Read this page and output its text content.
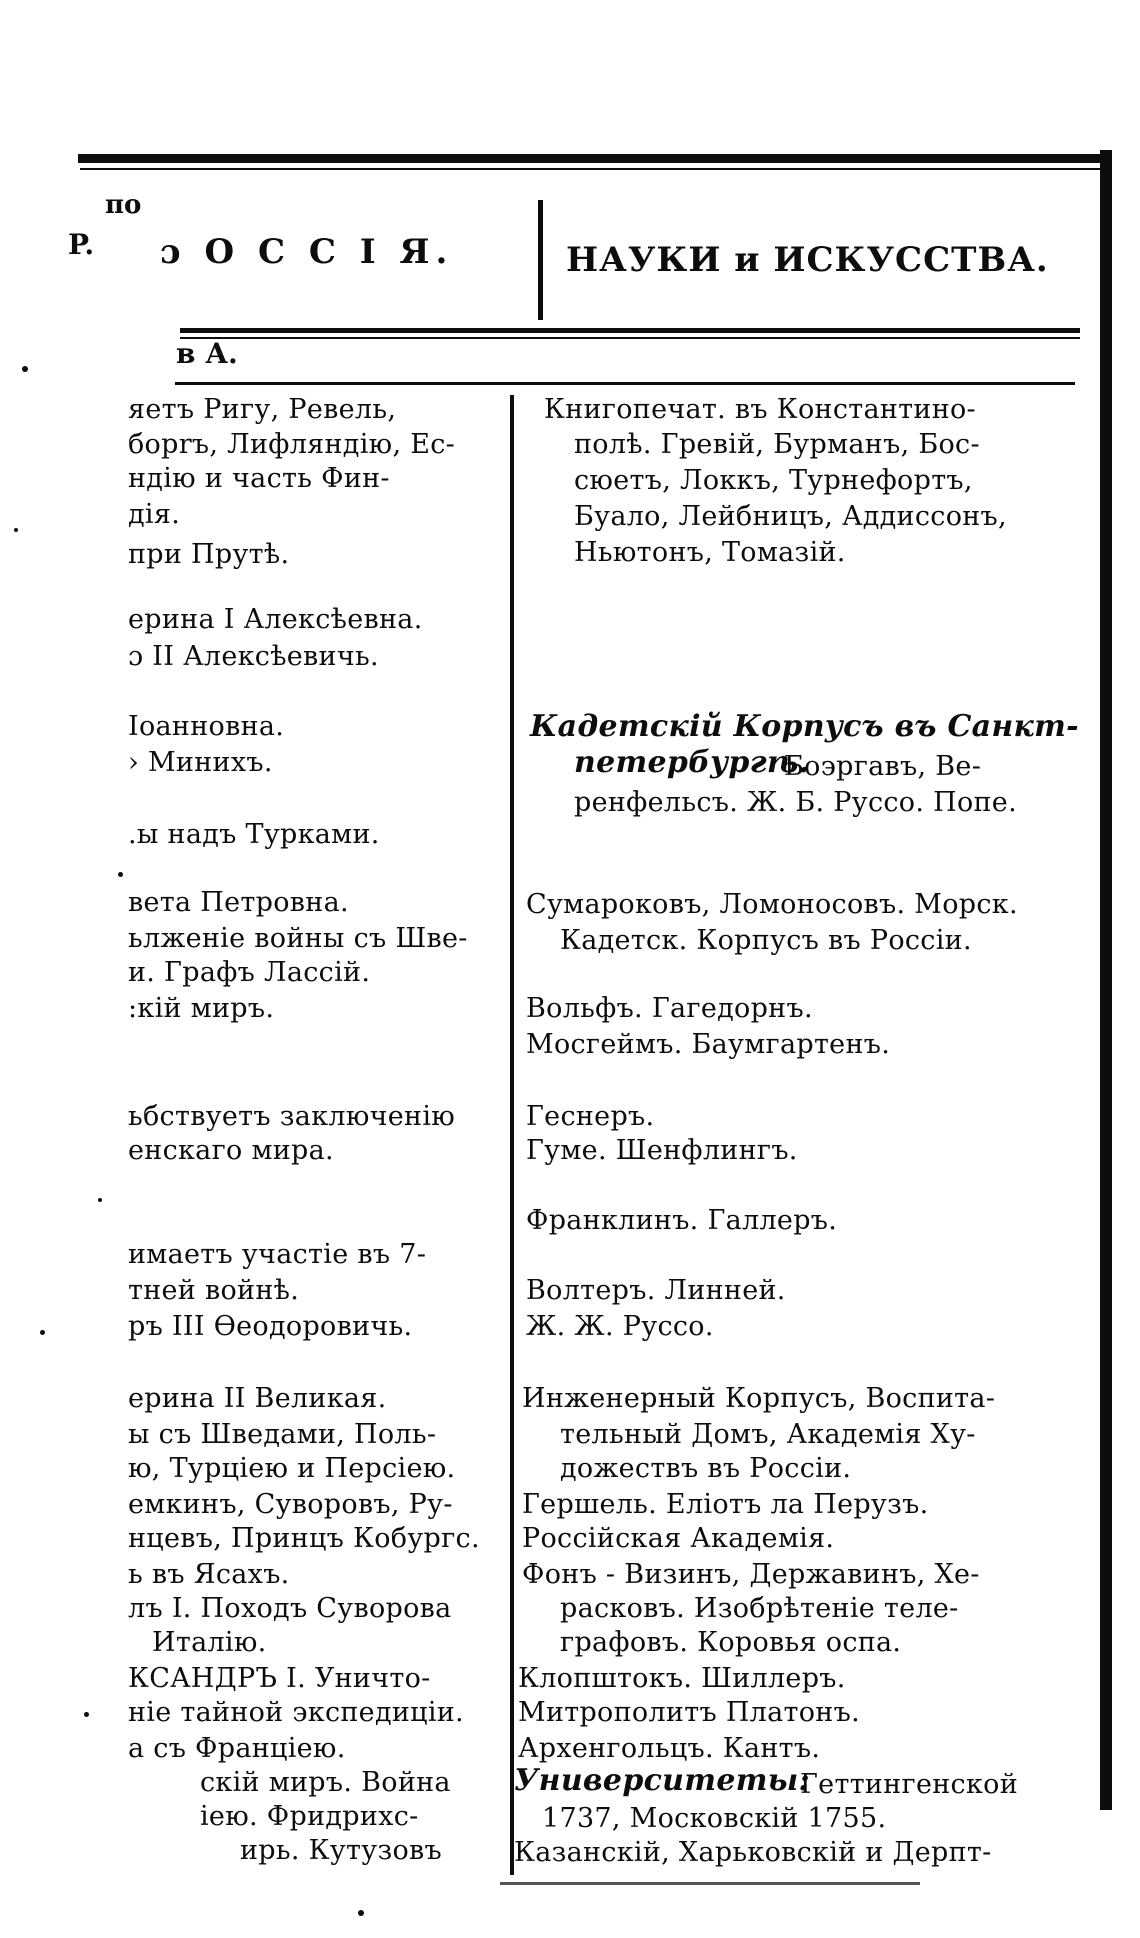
по
P. ɔ О С С І Я.	НАУКИ и ИСКУССТВА.
в А.
яетъ Ригу, Ревель,
борrъ, Лифляндію, Ес-
ндію и часть Фин-
дія.
при Прутѣ.
ерина I Алексѣевна.
ɔ II Алексѣевичь.
Іоанновна.
› Минихъ.
.ы надъ Турками.
вета Петровна.
ьлженіе войны съ Шве-
и. Графъ Лассій.
:кій миръ.
ьбствуетъ заключенію
енскаго мира.
имаетъ участіе въ 7-
тней войнѣ.
ръ III Ѳеодоровичь.
ерина II Великая.
ы съ Шведами, Поль-
ю, Турціею и Персіею.
емкинъ, Суворовъ, Ру-
нцевъ, Принцъ Кобургс.
ь въ Ясахъ.
лъ I. Походъ Суворова
Италію.
КСАНДРЪ I. Уничто-
ніе тайной экспедиціи.
а съ Франціею.
скій миръ. Война
іею. Фридрихс-
ирь. Кутузовъ
Книгопечат. въ Константино-
полѣ. Гревій, Бурманъ, Бос-
сюетъ, Локкъ, Турнефортъ,
Буало, Лейбницъ, Аддиссонъ,
Ньютонъ, Томазій.
Кадетскій Корпусъ въ Санкт-
петербургѣ.
Боэргавъ, Ве-
ренфельсъ. Ж. Б. Руссо. Попе.
Сумароковъ, Ломоносовъ. Морск.
Кадетск. Корпусъ въ Россіи.
Вольфъ. Гагедорнъ.
Мосгеймъ. Баумгартенъ.
Геснеръ.
Гуме. Шенфлингъ.
Франклинъ. Галлеръ.
Волтеръ. Линней.
Ж. Ж. Руссо.
Инженерный Корпусъ, Воспита-
тельный Домъ, Академія Ху-
дожествъ въ Россіи.
Гершель. Еліотъ ла Перузъ.
Россійская Академія.
Фонъ - Визинъ, Державинъ, Хе-
расковъ. Изобрѣтеніе теле-
графовъ. Коровья оспа.
Клопштокъ. Шиллеръ.
Митрополитъ Платонъ.
Архенгольцъ. Кантъ.
Университеты:
Геттингенской
1737, Московскій 1755.
Казанскій, Харьковскій и Дерпт-
